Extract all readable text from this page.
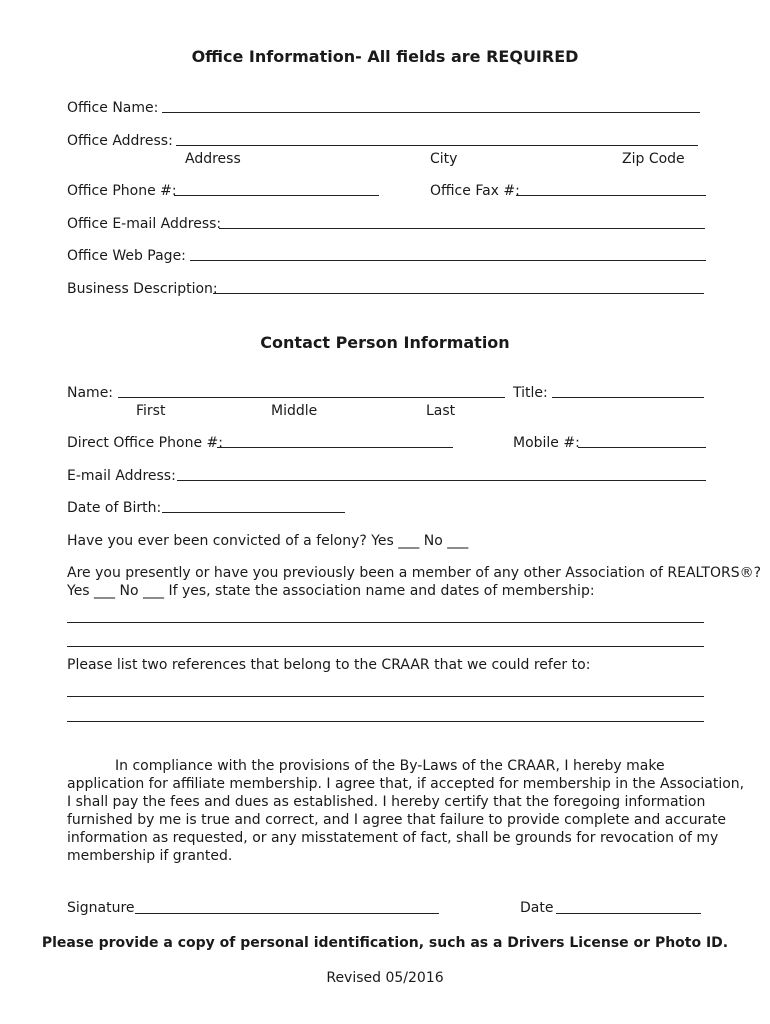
Office Information- All fields are REQUIRED
Office Name:
Office Address:
Address	City	Zip Code
Office Phone #:	Office Fax #:
Office E-mail Address:
Office Web Page:
Business Description:
Contact Person Information
Name:	Title:
First	Middle	Last
Direct Office Phone #:	Mobile #:
E-mail Address:
Date of Birth:
Have you ever been convicted of a felony? Yes ___ No ___
Are you presently or have you previously been a member of any other Association of REALTORS®?
Yes ___ No ___ If yes, state the association name and dates of membership:
Please list two references that belong to the CRAAR that we could refer to:
In compliance with the provisions of the By-Laws of the CRAAR, I hereby make
application for affiliate membership. I agree that, if accepted for membership in the Association,
I shall pay the fees and dues as established. I hereby certify that the foregoing information
furnished by me is true and correct, and I agree that failure to provide complete and accurate
information as requested, or any misstatement of fact, shall be grounds for revocation of my
membership if granted.
Signature	Date
Please provide a copy of personal identification, such as a Drivers License or Photo ID.
Revised 05/2016
